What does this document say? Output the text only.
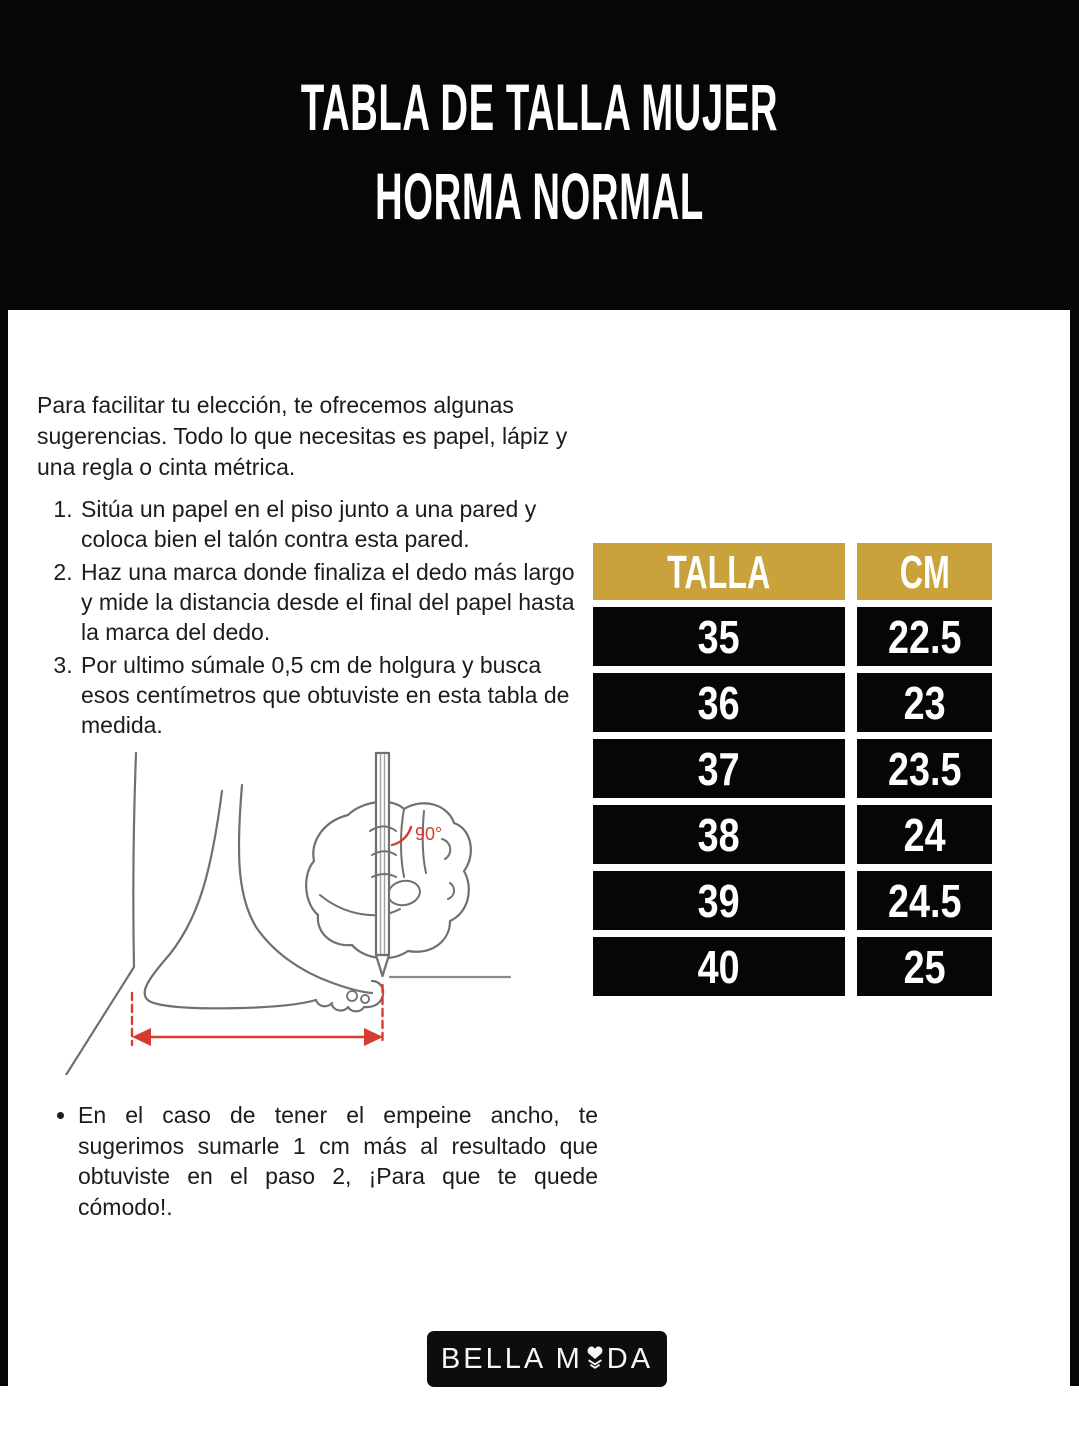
TABLA DE TALLA MUJER
HORMA NORMAL
Para facilitar tu elección, te ofrecemos algunas
sugerencias. Todo lo que necesitas es papel, lápiz y
una regla o cinta métrica.
1. Sitúa un papel en el piso junto a una pared y
coloca bien el talón contra esta pared.
2. Haz una marca donde finaliza el dedo más largo
y mide la distancia desde el final del papel hasta
la marca del dedo.
3. Por ultimo súmale 0,5 cm de holgura y busca
esos centímetros que obtuviste en esta tabla de
medida.
TALLA	CM
35	22.5
36	23
37	23.5
38	24
39	24.5
40	25
90°
• En el caso de tener el empeine ancho, te
sugerimos sumarle 1 cm más al resultado que
obtuviste en el paso 2, ¡Para que te quede
cómodo!.
BELLA M DA
